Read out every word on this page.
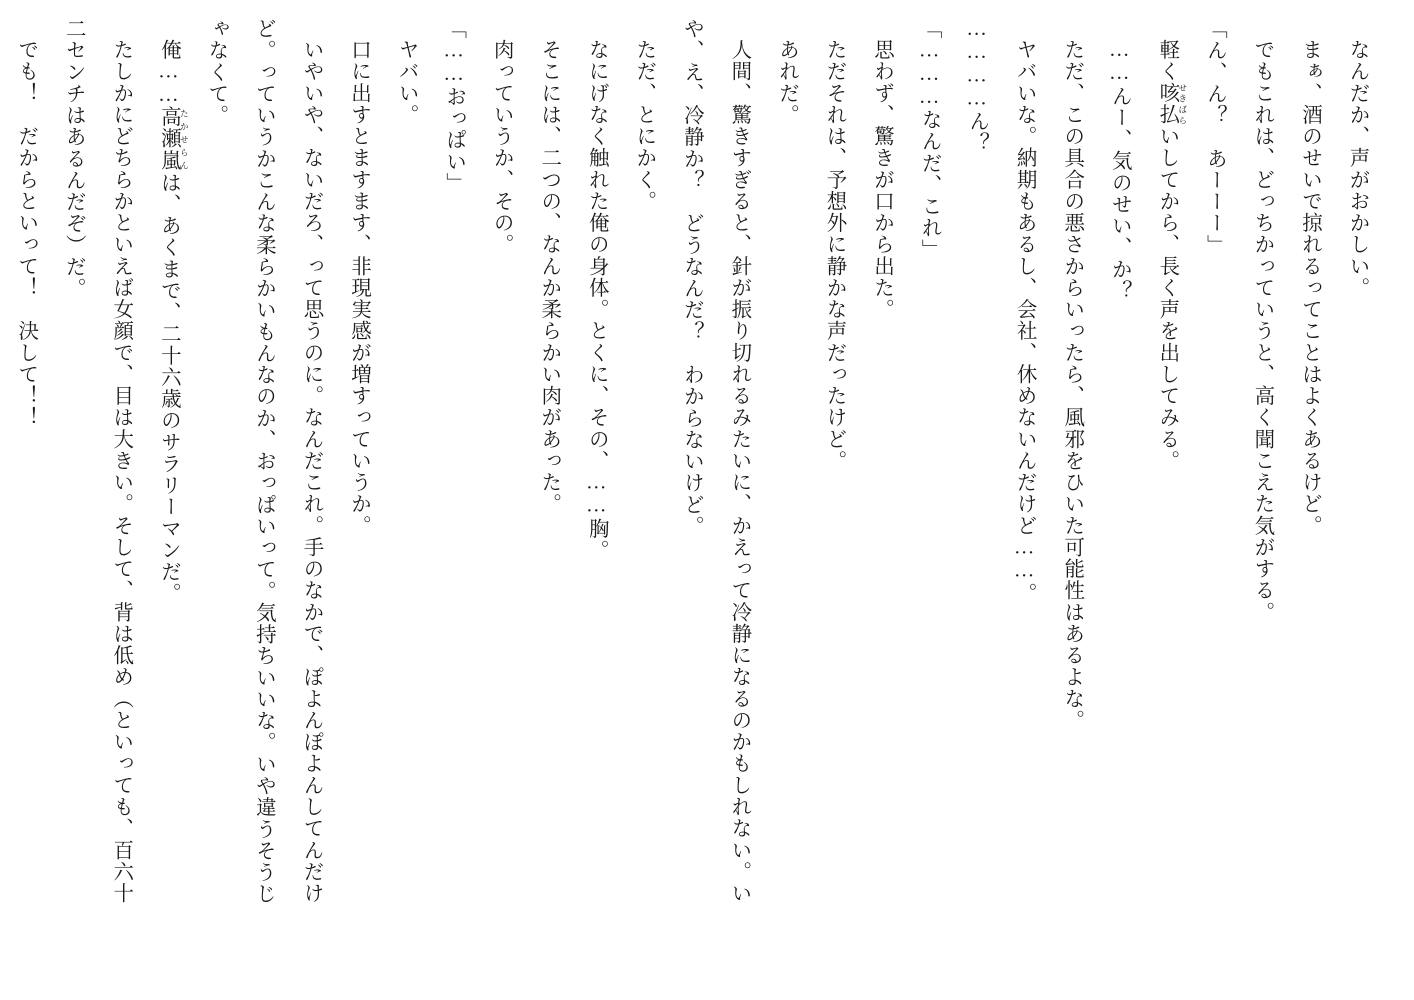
なんだか、声がおかしい。

まぁ、酒のせいで掠れるってことはよくあるけど。

でもこれは、どっちかっていうと、高く聞こえた気がする。

「ん、ん？　あーーー」

軽く咳払 せきばらいしてから、長く声を出してみる。

……んー、気のせい、か？

ただ、この具合の悪さからいったら、風邪をひいた可能性はあるよな。

ヤバいな。納期もあるし、会社、休めないんだけど……。

…………ん？

「………なんだ、これ」

思わず、驚きが口から出た。

ただそれは、予想外に静かな声だったけど。

あれだ。

人間、驚きすぎると、針が振り切れるみたいに、かえって冷静になるのかもしれない。い

や、え、冷静か？　どうなんだ？　わからないけど。

ただ、とにかく。

なにげなく触れた俺の身体。とくに、その、……胸。

そこには、二つの、なんか柔らかい肉があった。

肉っていうか、その。

「……おっぱい」

ヤバい。

口に出すとますます、非現実感が増すっていうか。

いやいや、ないだろ、って思うのに。なんだこれ。手のなかで、ぽよんぽよんしてんだけ

ど。っていうかこんな柔らかいもんなのか、おっぱいって。気持ちいいな。いや違うそうじ

ゃなくて。

俺……高瀬嵐 たかせらんは、あくまで、二十六歳のサラリーマンだ。

たしかにどちらかといえば女顔で、目は大きい。そして、背は低め（といっても、百六十

二センチはあるんだぞ）だ。

でも！　だからといって！　決して！！
